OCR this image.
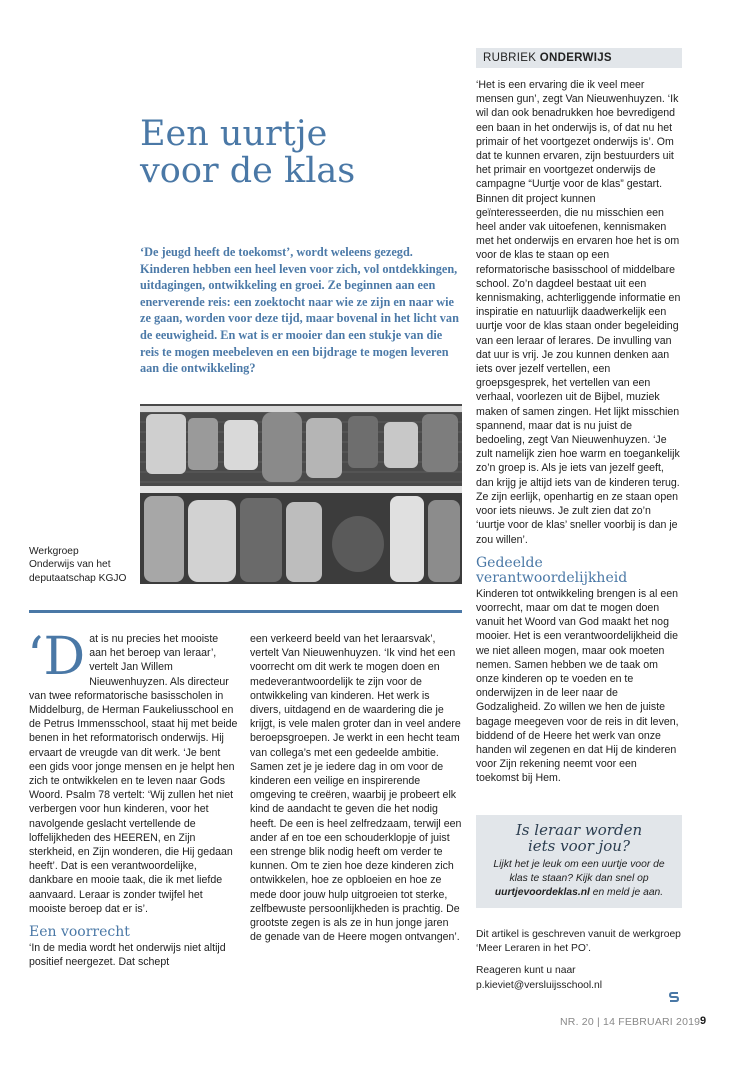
RUBRIEK ONDERWIJS
Een uurtje
voor de klas

‘De jeugd heeft de toekomst’, wordt weleens gezegd. Kinderen hebben een heel leven voor zich, vol ontdekkingen, uitdagingen, ontwikkeling en groei. Ze beginnen aan een enerverende reis: een zoektocht naar wie ze zijn en naar wie ze gaan, worden voor deze tijd, maar bovenal in het licht van de eeuwigheid. En wat is er mooier dan een stukje van die reis te mogen meebeleven en een bijdrage te mogen leveren aan die ontwikkeling?

Werkgroep
Onderwijs van het
deputaatschap KGJO

‘Dat is nu precies het mooiste aan het beroep van leraar’, vertelt Jan Willem Nieuwenhuyzen. Als directeur van twee reformatorische basisscholen in Middelburg, de Herman Faukeliusschool en de Petrus Immensschool, staat hij met beide benen in het reformatorisch onderwijs. Hij ervaart de vreugde van dit werk. ‘Je bent een gids voor jonge mensen en je helpt hen zich te ontwikkelen en te leven naar Gods Woord. Psalm 78 vertelt: ‘Wij zullen het niet verbergen voor hun kinderen, voor het navolgende geslacht vertellende de loffelijkheden des HEEREN, en Zijn sterkheid, en Zijn wonderen, die Hij gedaan heeft’. Dat is een verantwoordelijke, dankbare en mooie taak, die ik met liefde aanvaard. Leraar is zonder twijfel het mooiste beroep dat er is’.

Een voorrecht

‘In de media wordt het onderwijs niet altijd positief neergezet. Dat schept

een verkeerd beeld van het leraarsvak’, vertelt Van Nieuwenhuyzen. ‘Ik vind het een voorrecht om dit werk te mogen doen en medeverantwoordelijk te zijn voor de ontwikkeling van kinderen. Het werk is divers, uitdagend en de waardering die je krijgt, is vele malen groter dan in veel andere beroepsgroepen. Je werkt in een hecht team van collega’s met een gedeelde ambitie.

Samen zet je je iedere dag in om voor de kinderen een veilige en inspirerende omgeving te creëren, waarbij je probeert elk kind de aandacht te geven die het nodig heeft. De een is heel zelfredzaam, terwijl een ander af en toe een schouderklopje of juist een strenge blik nodig heeft om verder te kunnen. Om te zien hoe deze kinderen zich ontwikkelen, hoe ze opbloeien en hoe ze mede door jouw hulp uitgroeien tot sterke, zelfbewuste persoonlijkheden is prachtig. De grootste zegen is als ze in hun jonge jaren de genade van de Heere mogen ontvangen’.

‘Het is een ervaring die ik veel meer mensen gun’, zegt Van Nieuwenhuyzen. ‘Ik wil dan ook benadrukken hoe bevredigend een baan in het onderwijs is, of dat nu het primair of het voortgezet onderwijs is’. Om dat te kunnen ervaren, zijn bestuurders uit het primair en voortgezet onderwijs de campagne “Uurtje voor de klas” gestart. Binnen dit project kunnen geïnteresseerden, die nu misschien een heel ander vak uitoefenen, kennismaken met het onderwijs en ervaren hoe het is om voor de klas te staan op een reformatorische basisschool of middelbare school. Zo’n dagdeel bestaat uit een kennismaking, achterliggende informatie en inspiratie en natuurlijk daadwerkelijk een uurtje voor de klas staan onder begeleiding van een leraar of lerares. De invulling van dat uur is vrij. Je zou kunnen denken aan iets over jezelf vertellen, een groepsgesprek, het vertellen van een verhaal, voorlezen uit de Bijbel, muziek maken of samen zingen. Het lijkt misschien spannend, maar dat is nu juist de bedoeling, zegt Van Nieuwenhuyzen. ‘Je zult namelijk zien hoe warm en toegankelijk zo’n groep is. Als je iets van jezelf geeft, dan krijg je altijd iets van de kinderen terug. Ze zijn eerlijk, openhartig en ze staan open voor iets nieuws. Je zult zien dat zo’n ‘uurtje voor de klas’ sneller voorbij is dan je zou willen’.

Gedeelde
verantwoordelijkheid

Kinderen tot ontwikkeling brengen is al een voorrecht, maar om dat te mogen doen vanuit het Woord van God maakt het nog mooier. Het is een verantwoordelijkheid die we niet alleen mogen, maar ook moeten nemen. Samen hebben we de taak om onze kinderen op te voeden en te onderwijzen in de leer naar de Godzaligheid. Zo willen we hen de juiste bagage meegeven voor de reis in dit leven, biddend of de Heere het werk van onze handen wil zegenen en dat Hij de kinderen voor Zijn rekening neemt voor een toekomst bij Hem.

Is leraar worden
iets voor jou?
Lijkt het je leuk om een uurtje voor de
klas te staan? Kijk dan snel op
uurtjevoordeklas.nl en meld je aan.

Dit artikel is geschreven vanuit de werkgroep ‘Meer Leraren in het PO’.

Reageren kunt u naar
p.kieviet@versluijsschool.nl

NR. 20 | 14 FEBRUARI 2019 9
